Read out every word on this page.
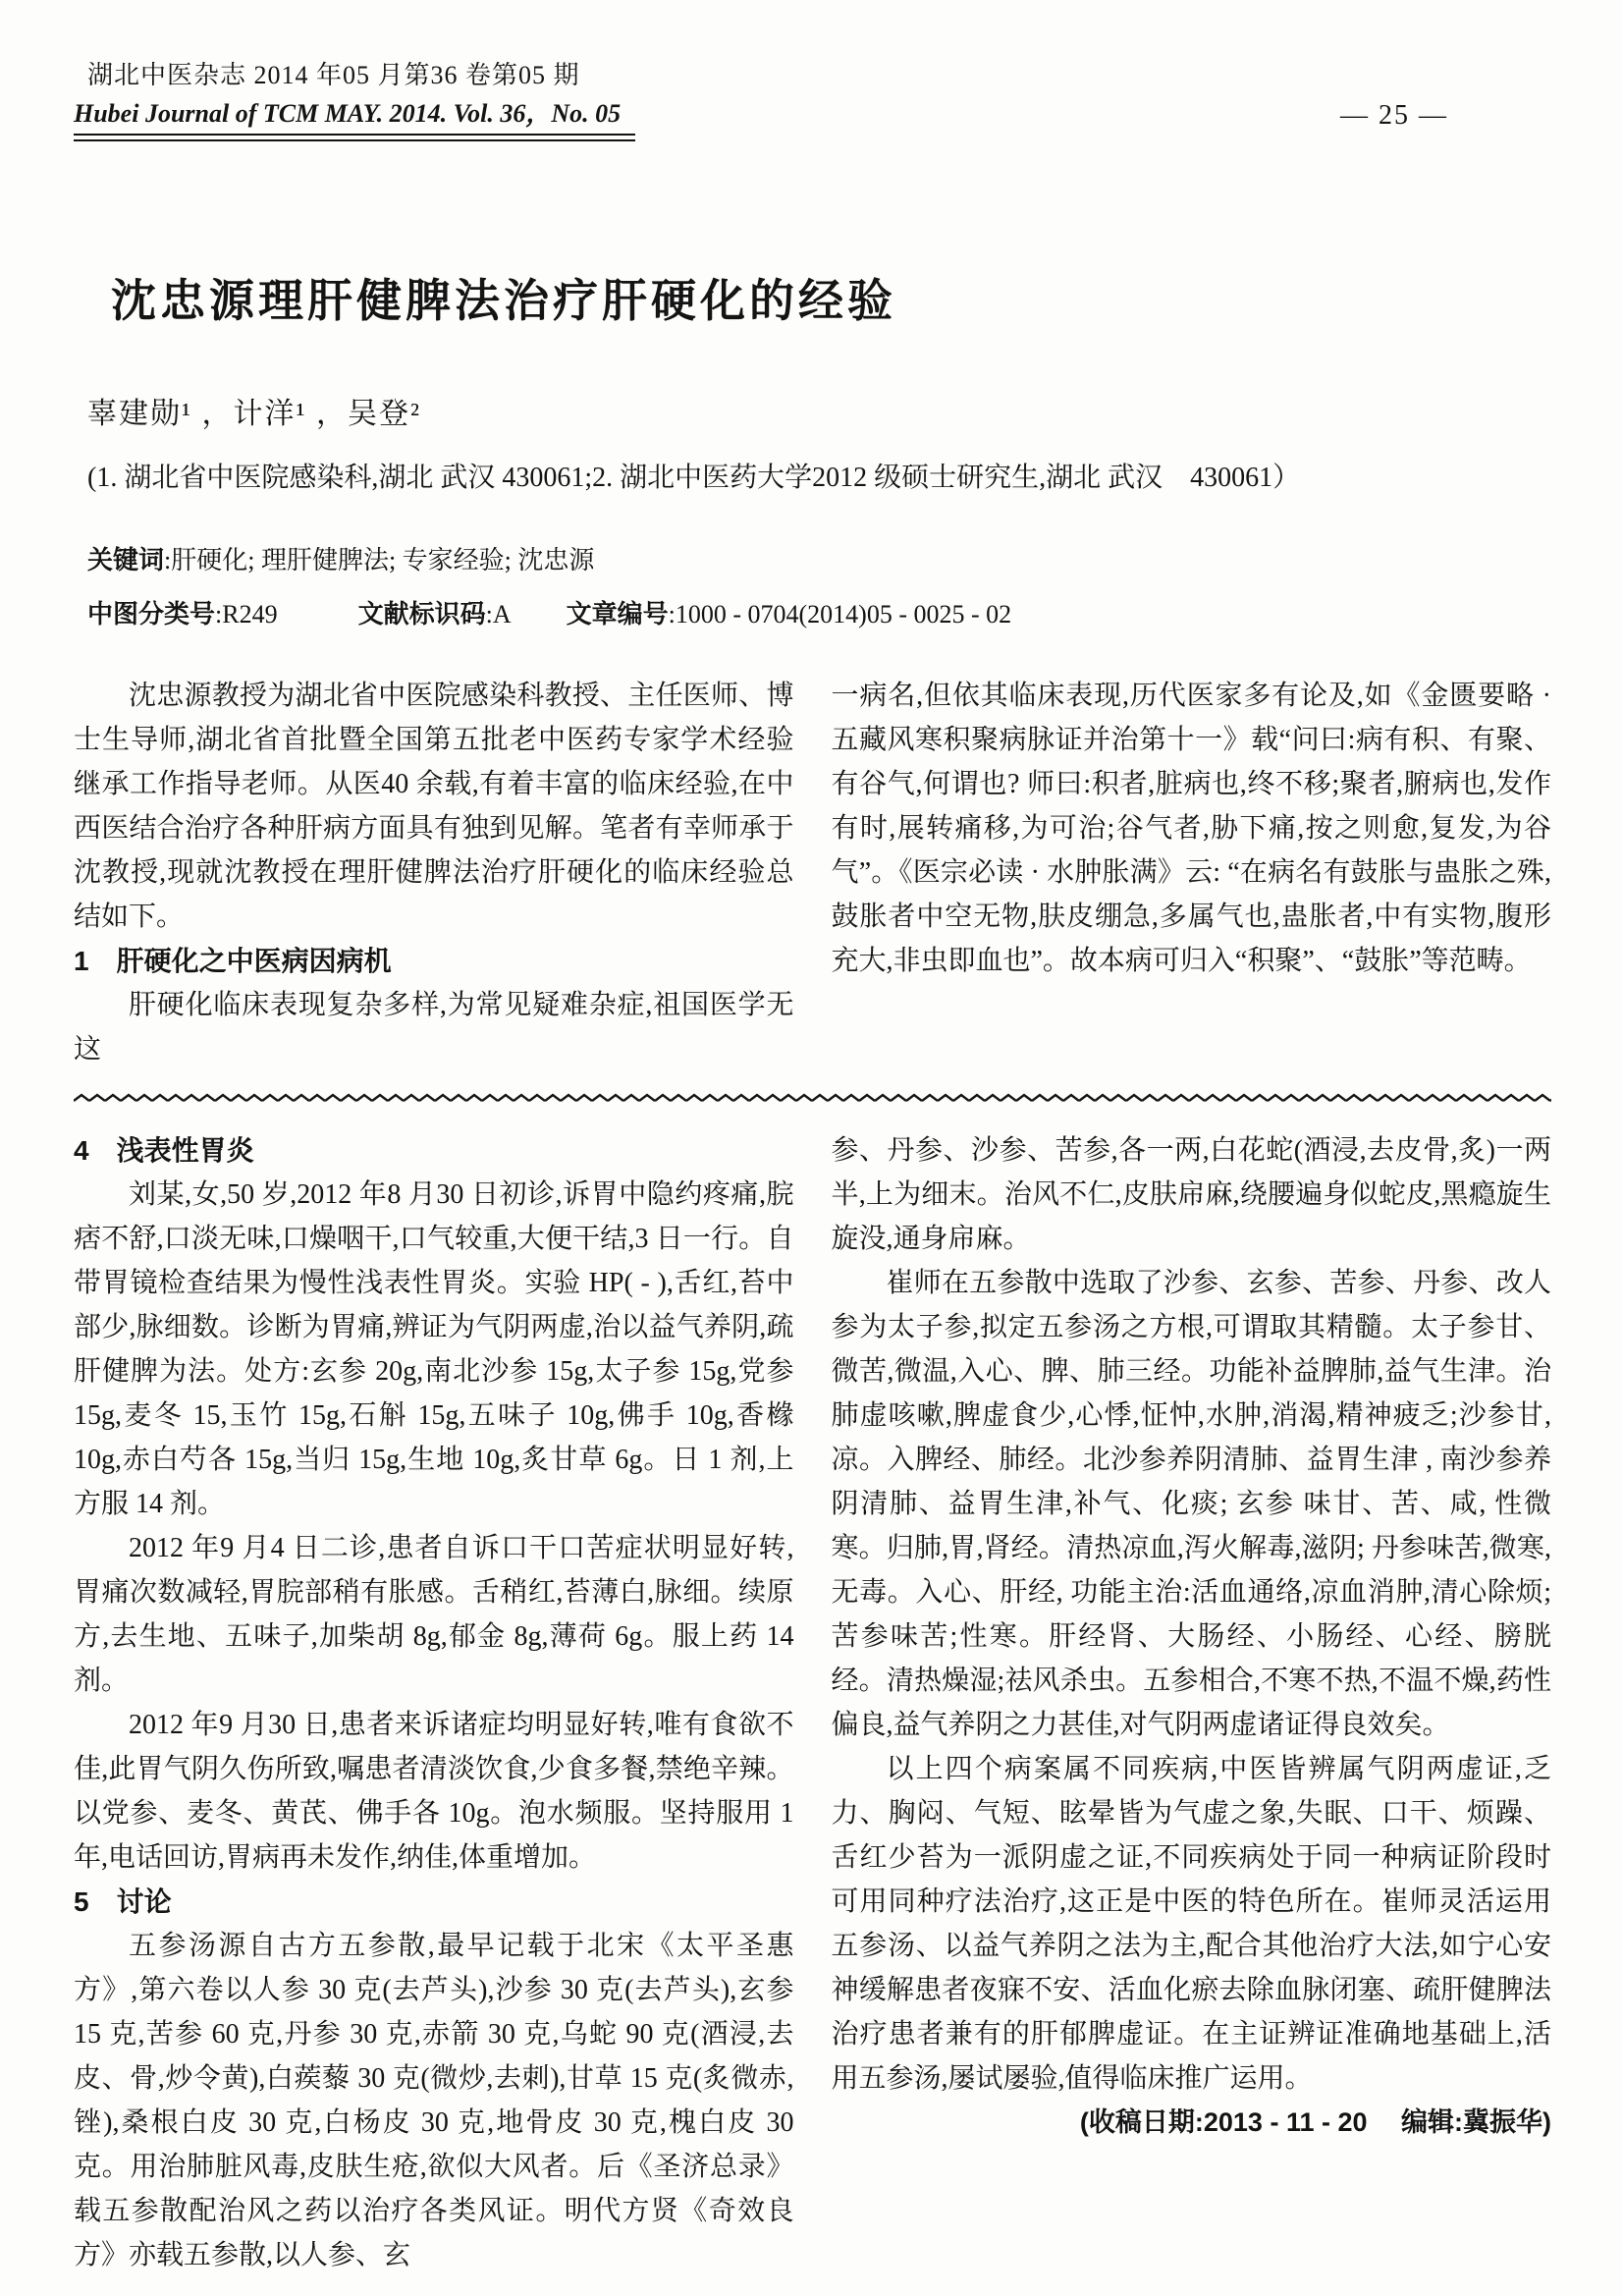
湖北中医杂志 2014 年05 月第36 卷第05 期
Hubei Journal of TCM MAY. 2014. Vol. 36，No. 05	— 25 —
沈忠源理肝健脾法治疗肝硬化的经验
辜建勋¹ ，计洋¹ ，吴登²
(1. 湖北省中医院感染科,湖北 武汉 430061;2. 湖北中医药大学2012 级硕士研究生,湖北 武汉　430061）
关键词:肝硬化; 理肝健脾法; 专家经验; 沈忠源
中图分类号:R249	文献标识码:A 文章编号:1000 - 0704(2014)05 - 0025 - 02

沈忠源教授为湖北省中医院感染科教授、主任医师、博士生导师,湖北省首批暨全国第五批老中医药专家学术经验继承工作指导老师。从医40 余载,有着丰富的临床经验,在中西医结合治疗各种肝病方面具有独到见解。笔者有幸师承于沈教授,现就沈教授在理肝健脾法治疗肝硬化的临床经验总结如下。

1　肝硬化之中医病因病机

肝硬化临床表现复杂多样,为常见疑难杂症,祖国医学无这

一病名,但依其临床表现,历代医家多有论及,如《金匮要略 · 五藏风寒积聚病脉证并治第十一》载“问曰:病有积、有聚、有谷气,何谓也? 师曰:积者,脏病也,终不移;聚者,腑病也,发作有时,展转痛移,为可治;谷气者,胁下痛,按之则愈,复发,为谷气”。《医宗必读 · 水肿胀满》云: “在病名有鼓胀与蛊胀之殊,鼓胀者中空无物,肤皮绷急,多属气也,蛊胀者,中有实物,腹形充大,非虫即血也”。故本病可归入“积聚”、“鼓胀”等范畴。

4　浅表性胃炎

刘某,女,50 岁,2012 年8 月30 日初诊,诉胃中隐约疼痛,脘痞不舒,口淡无味,口燥咽干,口气较重,大便干结,3 日一行。自带胃镜检查结果为慢性浅表性胃炎。实验 HP( - ),舌红,苔中部少,脉细数。诊断为胃痛,辨证为气阴两虚,治以益气养阴,疏肝健脾为法。处方:玄参 20g,南北沙参 15g,太子参 15g,党参15g,麦冬 15,玉竹 15g,石斛 15g,五味子 10g,佛手 10g,香橼 10g,赤白芍各 15g,当归 15g,生地 10g,炙甘草 6g。日 1 剂,上方服 14 剂。

2012 年9 月4 日二诊,患者自诉口干口苦症状明显好转,胃痛次数减轻,胃脘部稍有胀感。舌稍红,苔薄白,脉细。续原方,去生地、五味子,加柴胡 8g,郁金 8g,薄荷 6g。服上药 14 剂。

2012 年9 月30 日,患者来诉诸症均明显好转,唯有食欲不佳,此胃气阴久伤所致,嘱患者清淡饮食,少食多餐,禁绝辛辣。以党参、麦冬、黄芪、佛手各 10g。泡水频服。坚持服用 1 年,电话回访,胃病再未发作,纳佳,体重增加。

5　讨论

五参汤源自古方五参散,最早记载于北宋《太平圣惠方》,第六卷以人参 30 克(去芦头),沙参 30 克(去芦头),玄参 15 克,苦参 60 克,丹参 30 克,赤箭 30 克,乌蛇 90 克(酒浸,去皮、骨,炒令黄),白蒺藜 30 克(微炒,去刺),甘草 15 克(炙微赤,锉),桑根白皮 30 克,白杨皮 30 克,地骨皮 30 克,槐白皮 30 克。用治肺脏风毒,皮肤生疮,欲似大风者。后《圣济总录》载五参散配治风之药以治疗各类风证。明代方贤《奇效良方》亦载五参散,以人参、玄

参、丹参、沙参、苦参,各一两,白花蛇(酒浸,去皮骨,炙)一两半,上为细末。治风不仁,皮肤帍麻,绕腰遍身似蛇皮,黑瘾旋生旋没,通身帍麻。

崔师在五参散中选取了沙参、玄参、苦参、丹参、改人参为太子参,拟定五参汤之方根,可谓取其精髓。太子参甘、微苦,微温,入心、脾、肺三经。功能补益脾肺,益气生津。治肺虚咳嗽,脾虚食少,心悸,怔忡,水肿,消渴,精神疲乏;沙参甘,凉。入脾经、肺经。北沙参养阴清肺、益胃生津 , 南沙参养阴清肺、益胃生津,补气、化痰; 玄参 味甘、苦、咸, 性微寒。归肺,胃,肾经。清热凉血,泻火解毒,滋阴; 丹参味苦,微寒,无毒。入心、肝经, 功能主治:活血通络,凉血消肿,清心除烦;苦参味苦;性寒。肝经肾、大肠经、小肠经、心经、膀胱经。清热燥湿;祛风杀虫。五参相合,不寒不热,不温不燥,药性偏良,益气养阴之力甚佳,对气阴两虚诸证得良效矣。

以上四个病案属不同疾病,中医皆辨属气阴两虚证,乏力、胸闷、气短、眩晕皆为气虚之象,失眠、口干、烦躁、舌红少苔为一派阴虚之证,不同疾病处于同一种病证阶段时可用同种疗法治疗,这正是中医的特色所在。崔师灵活运用五参汤、以益气养阴之法为主,配合其他治疗大法,如宁心安神缓解患者夜寐不安、活血化瘀去除血脉闭塞、疏肝健脾法治疗患者兼有的肝郁脾虚证。在主证辨证准确地基础上,活用五参汤,屡试屡验,值得临床推广运用。

(收稿日期:2013 - 11 - 20　 编辑:冀振华)
